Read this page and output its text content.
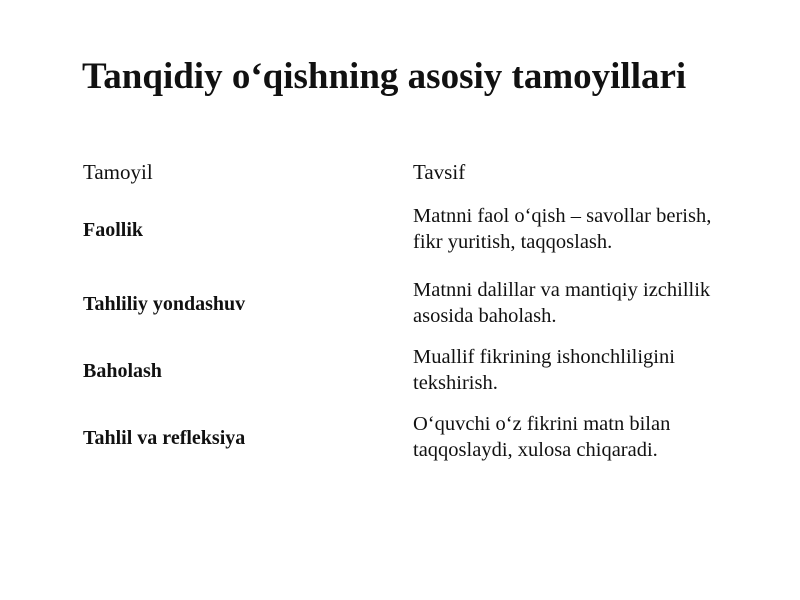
Tanqidiy oʻqishning asosiy tamoyillari
Tamoyil	Tavsif
Faollik
Matnni faol oʻqish – savollar berish, fikr yuritish, taqqoslash.
Tahliliy yondashuv
Matnni dalillar va mantiqiy izchillik asosida baholash.
Baholash
Muallif fikrining ishonchliligini tekshirish.
Tahlil va refleksiya
Oʻquvchi oʻz fikrini matn bilan taqqoslaydi, xulosa chiqaradi.
